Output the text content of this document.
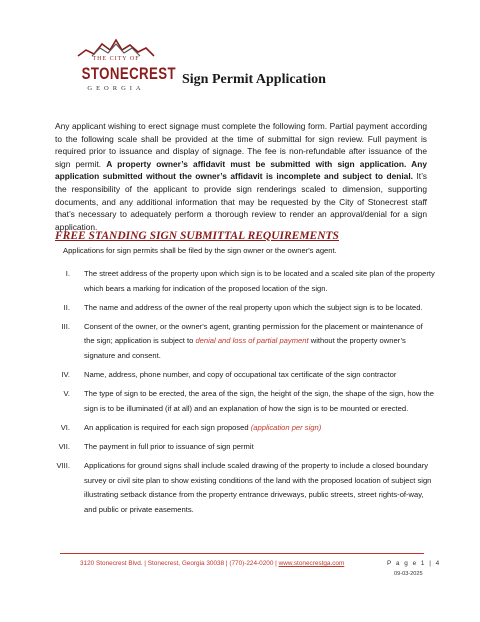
THE CITY OF
STONECREST
GEORGIA
Sign Permit Application

Any applicant wishing to erect signage must complete the following form. Partial payment according to the following scale shall be provided at the time of submittal for sign review. Full payment is required prior to issuance and display of signage. The fee is non-refundable after issuance of the sign permit. A property owner’s affidavit must be submitted with sign application. Any application submitted without the owner’s affidavit is incomplete and subject to denial. It’s the responsibility of the applicant to provide sign renderings scaled to dimension, supporting documents, and any additional information that may be requested by the City of Stonecrest staff that’s necessary to adequately perform a thorough review to render an approval/denial for a sign application.

FREE STANDING SIGN SUBMITTAL REQUIREMENTS
Applications for sign permits shall be filed by the sign owner or the owner's agent.
I. The street address of the property upon which sign is to be located and a scaled site plan of the property which bears a marking for indication of the proposed location of the sign.
II. The name and address of the owner of the real property upon which the subject sign is to be located.
III. Consent of the owner, or the owner's agent, granting permission for the placement or maintenance of the sign; application is subject to denial and loss of partial payment without the property owner’s signature and consent.
IV. Name, address, phone number, and copy of occupational tax certificate of the sign contractor
V. The type of sign to be erected, the area of the sign, the height of the sign, the shape of the sign, how the sign is to be illuminated (if at all) and an explanation of how the sign is to be mounted or erected.
VI. An application is required for each sign proposed (application per sign)
VII. The payment in full prior to issuance of sign permit
VIII. Applications for ground signs shall include scaled drawing of the property to include a closed boundary survey or civil site plan to show existing conditions of the land with the proposed location of subject sign illustrating setback distance from the property entrance driveways, public streets, street rights-of-way, and public or private easements.
3120 Stonecrest Blvd. | Stonecrest, Georgia 30038 | (770)-224-0200 | www.stonecrestga.com	P a g e 1 | 4
09-03-2025
